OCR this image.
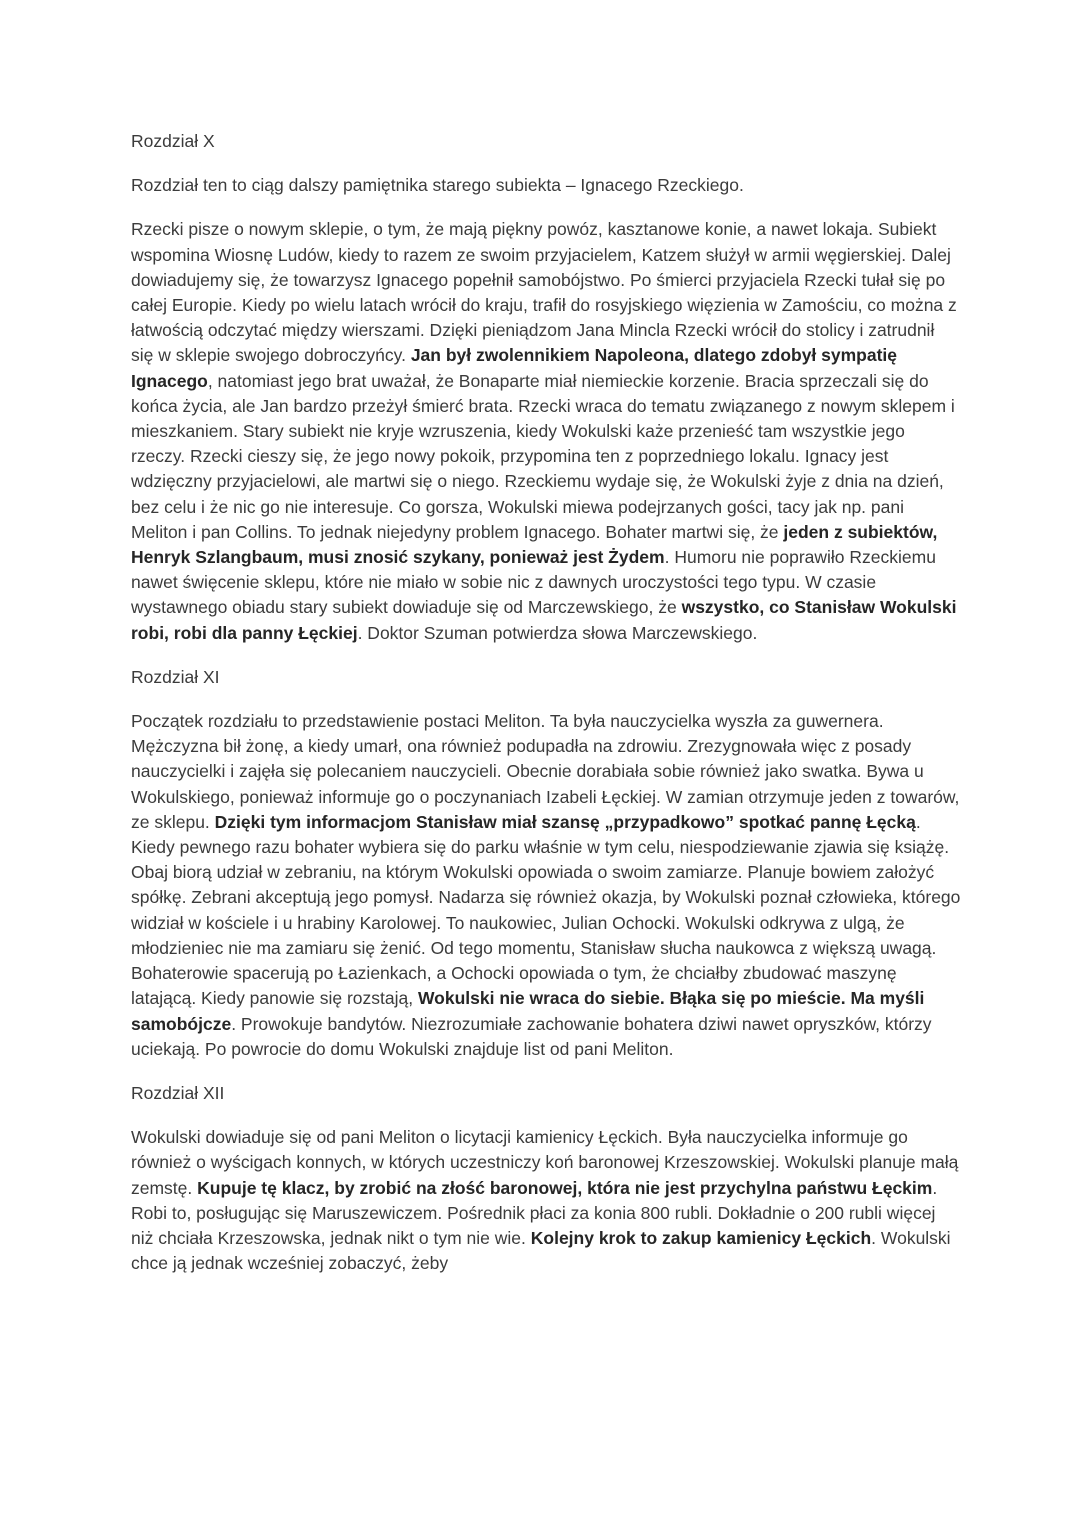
Rozdział X

Rozdział ten to ciąg dalszy pamiętnika starego subiekta – Ignacego Rzeckiego.

Rzecki pisze o nowym sklepie, o tym, że mają piękny powóz, kasztanowe konie, a nawet lokaja. Subiekt wspomina Wiosnę Ludów, kiedy to razem ze swoim przyjacielem, Katzem służył w armii węgierskiej. Dalej dowiadujemy się, że towarzysz Ignacego popełnił samobójstwo. Po śmierci przyjaciela Rzecki tułał się po całej Europie. Kiedy po wielu latach wrócił do kraju, trafił do rosyjskiego więzienia w Zamościu, co można z łatwością odczytać między wierszami. Dzięki pieniądzom Jana Mincla Rzecki wrócił do stolicy i zatrudnił się w sklepie swojego dobroczyńcy. Jan był zwolennikiem Napoleona, dlatego zdobył sympatię Ignacego, natomiast jego brat uważał, że Bonaparte miał niemieckie korzenie. Bracia sprzeczali się do końca życia, ale Jan bardzo przeżył śmierć brata. Rzecki wraca do tematu związanego z nowym sklepem i mieszkaniem. Stary subiekt nie kryje wzruszenia, kiedy Wokulski każe przenieść tam wszystkie jego rzeczy. Rzecki cieszy się, że jego nowy pokoik, przypomina ten z poprzedniego lokalu. Ignacy jest wdzięczny przyjacielowi, ale martwi się o niego. Rzeckiemu wydaje się, że Wokulski żyje z dnia na dzień, bez celu i że nic go nie interesuje. Co gorsza, Wokulski miewa podejrzanych gości, tacy jak np. pani Meliton i pan Collins. To jednak niejedyny problem Ignacego. Bohater martwi się, że jeden z subiektów, Henryk Szlangbaum, musi znosić szykany, ponieważ jest Żydem. Humoru nie poprawiło Rzeckiemu nawet święcenie sklepu, które nie miało w sobie nic z dawnych uroczystości tego typu. W czasie wystawnego obiadu stary subiekt dowiaduje się od Marczewskiego, że wszystko, co Stanisław Wokulski robi, robi dla panny Łęckiej. Doktor Szuman potwierdza słowa Marczewskiego.

Rozdział XI

Początek rozdziału to przedstawienie postaci Meliton. Ta była nauczycielka wyszła za guwernera. Mężczyzna bił żonę, a kiedy umarł, ona również podupadła na zdrowiu. Zrezygnowała więc z posady nauczycielki i zajęła się polecaniem nauczycieli. Obecnie dorabiała sobie również jako swatka. Bywa u Wokulskiego, ponieważ informuje go o poczynaniach Izabeli Łęckiej. W zamian otrzymuje jeden z towarów, ze sklepu. Dzięki tym informacjom Stanisław miał szansę „przypadkowo” spotkać pannę Łęcką. Kiedy pewnego razu bohater wybiera się do parku właśnie w tym celu, niespodziewanie zjawia się książę. Obaj biorą udział w zebraniu, na którym Wokulski opowiada o swoim zamiarze. Planuje bowiem założyć spółkę. Zebrani akceptują jego pomysł. Nadarza się również okazja, by Wokulski poznał człowieka, którego widział w kościele i u hrabiny Karolowej. To naukowiec, Julian Ochocki. Wokulski odkrywa z ulgą, że młodzieniec nie ma zamiaru się żenić. Od tego momentu, Stanisław słucha naukowca z większą uwagą. Bohaterowie spacerują po Łazienkach, a Ochocki opowiada o tym, że chciałby zbudować maszynę latającą. Kiedy panowie się rozstają, Wokulski nie wraca do siebie. Błąka się po mieście. Ma myśli samobójcze. Prowokuje bandytów. Niezrozumiałe zachowanie bohatera dziwi nawet opryszków, którzy uciekają. Po powrocie do domu Wokulski znajduje list od pani Meliton.

Rozdział XII

Wokulski dowiaduje się od pani Meliton o licytacji kamienicy Łęckich. Była nauczycielka informuje go również o wyścigach konnych, w których uczestniczy koń baronowej Krzeszowskiej. Wokulski planuje małą zemstę. Kupuje tę klacz, by zrobić na złość baronowej, która nie jest przychylna państwu Łęckim. Robi to, posługując się Maruszewiczem. Pośrednik płaci za konia 800 rubli. Dokładnie o 200 rubli więcej niż chciała Krzeszowska, jednak nikt o tym nie wie. Kolejny krok to zakup kamienicy Łęckich. Wokulski chce ją jednak wcześniej zobaczyć, żeby
